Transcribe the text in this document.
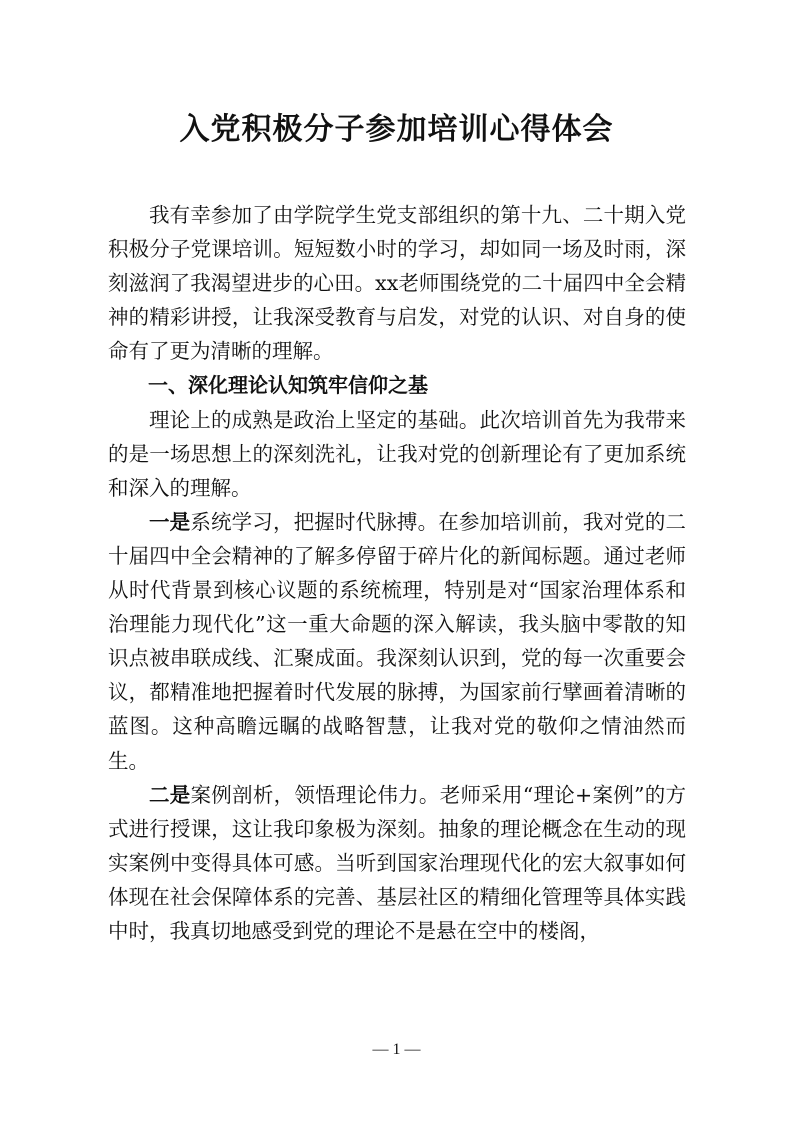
入党积极分子参加培训心得体会

我有幸参加了由学院学生党支部组织的第十九、二十期入党积极分子党课培训。短短数小时的学习，却如同一场及时雨，深刻滋润了我渴望进步的心田。xx老师围绕党的二十届四中全会精神的精彩讲授，让我深受教育与启发，对党的认识、对自身的使命有了更为清晰的理解。

一、深化理论认知筑牢信仰之基

理论上的成熟是政治上坚定的基础。此次培训首先为我带来的是一场思想上的深刻洗礼，让我对党的创新理论有了更加系统和深入的理解。

一是系统学习，把握时代脉搏。在参加培训前，我对党的二十届四中全会精神的了解多停留于碎片化的新闻标题。通过老师从时代背景到核心议题的系统梳理，特别是对“国家治理体系和治理能力现代化”这一重大命题的深入解读，我头脑中零散的知识点被串联成线、汇聚成面。我深刻认识到，党的每一次重要会议，都精准地把握着时代发展的脉搏，为国家前行擘画着清晰的蓝图。这种高瞻远瞩的战略智慧，让我对党的敬仰之情油然而生。

二是案例剖析，领悟理论伟力。老师采用“理论+案例”的方式进行授课，这让我印象极为深刻。抽象的理论概念在生动的现实案例中变得具体可感。当听到国家治理现代化的宏大叙事如何体现在社会保障体系的完善、基层社区的精细化管理等具体实践中时，我真切地感受到党的理论不是悬在空中的楼阁，

— 1 —
